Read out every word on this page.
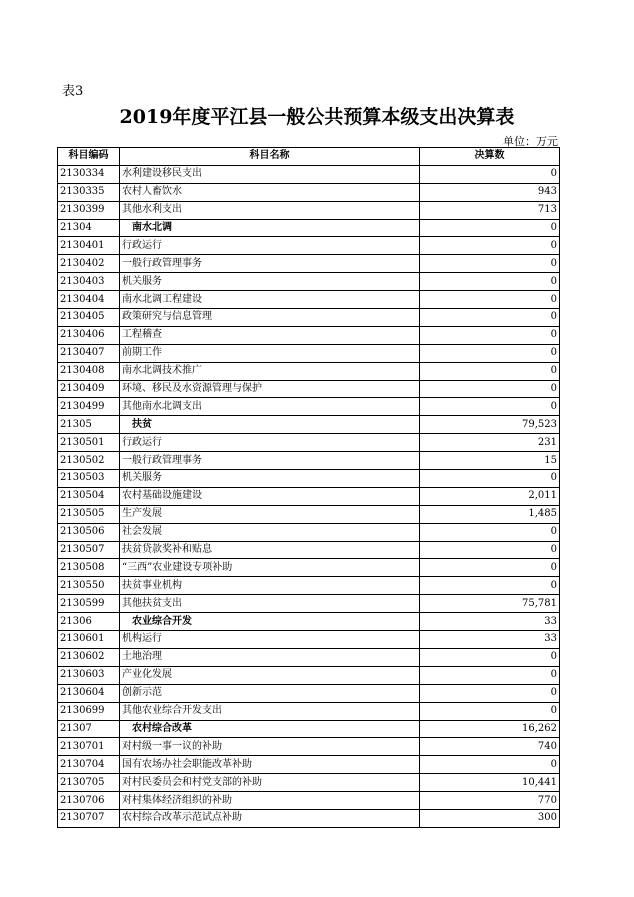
表3
2019年度平江县一般公共预算本级支出决算表
单位：万元
科目编码	科目名称	决算数
2130334	水利建设移民支出	0
2130335	农村人畜饮水	943
2130399	其他水利支出	713
21304	南水北调	0
2130401	行政运行	0
2130402	一般行政管理事务	0
2130403	机关服务	0
2130404	南水北调工程建设	0
2130405	政策研究与信息管理	0
2130406	工程稽查	0
2130407	前期工作	0
2130408	南水北调技术推广	0
2130409	环境、移民及水资源管理与保护	0
2130499	其他南水北调支出	0
21305	扶贫	79,523
2130501	行政运行	231
2130502	一般行政管理事务	15
2130503	机关服务	0
2130504	农村基础设施建设	2,011
2130505	生产发展	1,485
2130506	社会发展	0
2130507	扶贫贷款奖补和贴息	0
2130508	“三西”农业建设专项补助	0
2130550	扶贫事业机构	0
2130599	其他扶贫支出	75,781
21306	农业综合开发	33
2130601	机构运行	33
2130602	土地治理	0
2130603	产业化发展	0
2130604	创新示范	0
2130699	其他农业综合开发支出	0
21307	农村综合改革	16,262
2130701	对村级一事一议的补助	740
2130704	国有农场办社会职能改革补助	0
2130705	对村民委员会和村党支部的补助	10,441
2130706	对村集体经济组织的补助	770
2130707	农村综合改革示范试点补助	300
